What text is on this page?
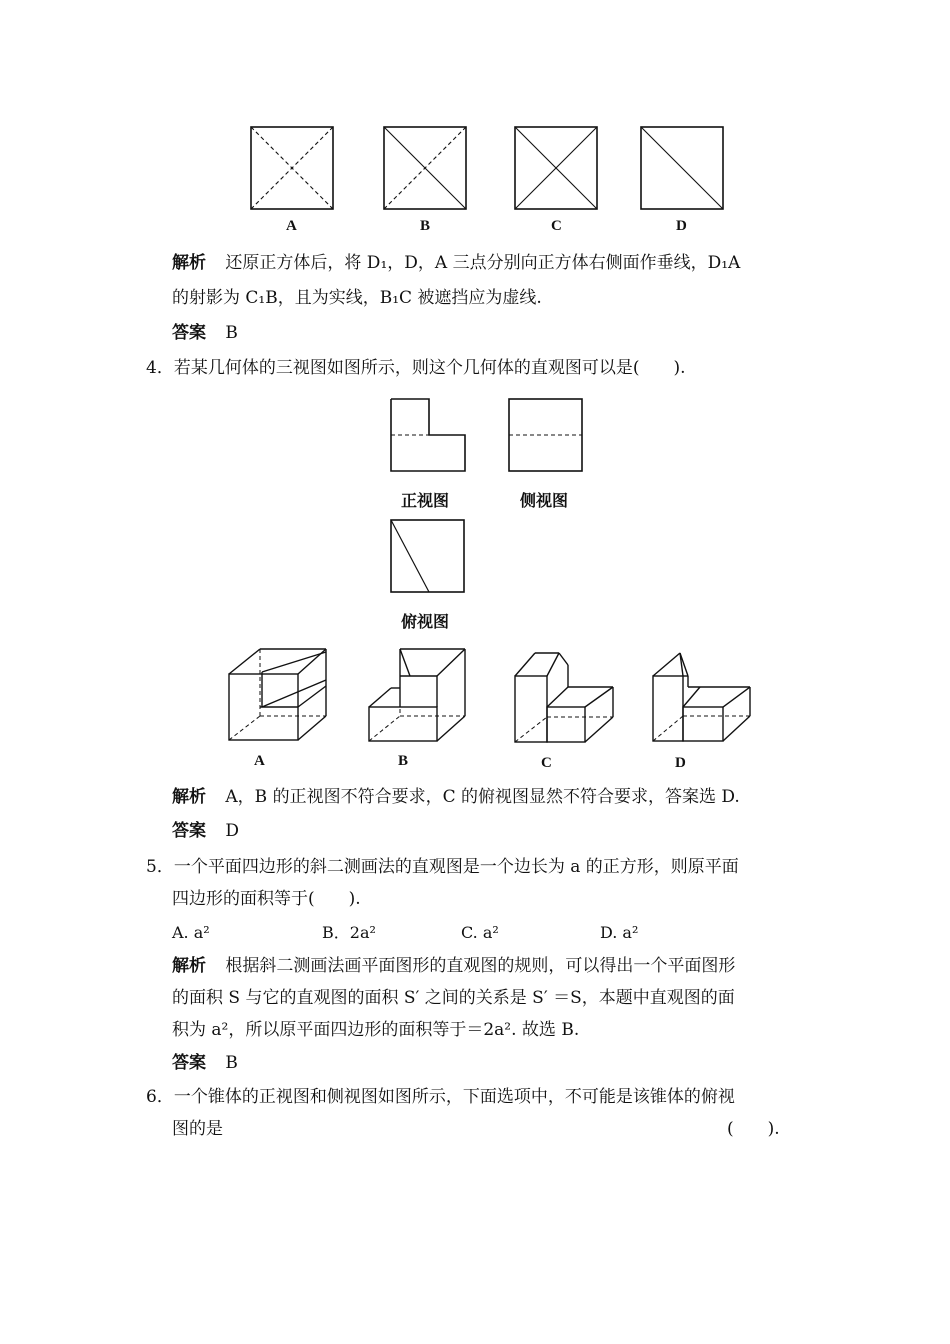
A	B	C	D
解析 还原正方体后，将 D₁，D，A 三点分别向正方体右侧面作垂线，D₁A
的射影为 C₁B，且为实线，B₁C 被遮挡应为虚线.
答案 B
4．若某几何体的三视图如图所示，则这个几何体的直观图可以是(　　).
正视图	侧视图
俯视图
A	B	C	D
解析 A，B 的正视图不符合要求，C 的俯视图显然不符合要求，答案选 D.
答案 D
5．一个平面四边形的斜二测画法的直观图是一个边长为 a 的正方形，则原平面
四边形的面积等于(　　).
A. a²	B．2a²	C. a²	D. a²
解析 根据斜二测画法画平面图形的直观图的规则，可以得出一个平面图形
的面积 S 与它的直观图的面积 S′ 之间的关系是 S′ ＝S，本题中直观图的面
积为 a²，所以原平面四边形的面积等于＝2a². 故选 B.
答案 B
6．一个锥体的正视图和侧视图如图所示，下面选项中，不可能是该锥体的俯视
图的是	(　　).
